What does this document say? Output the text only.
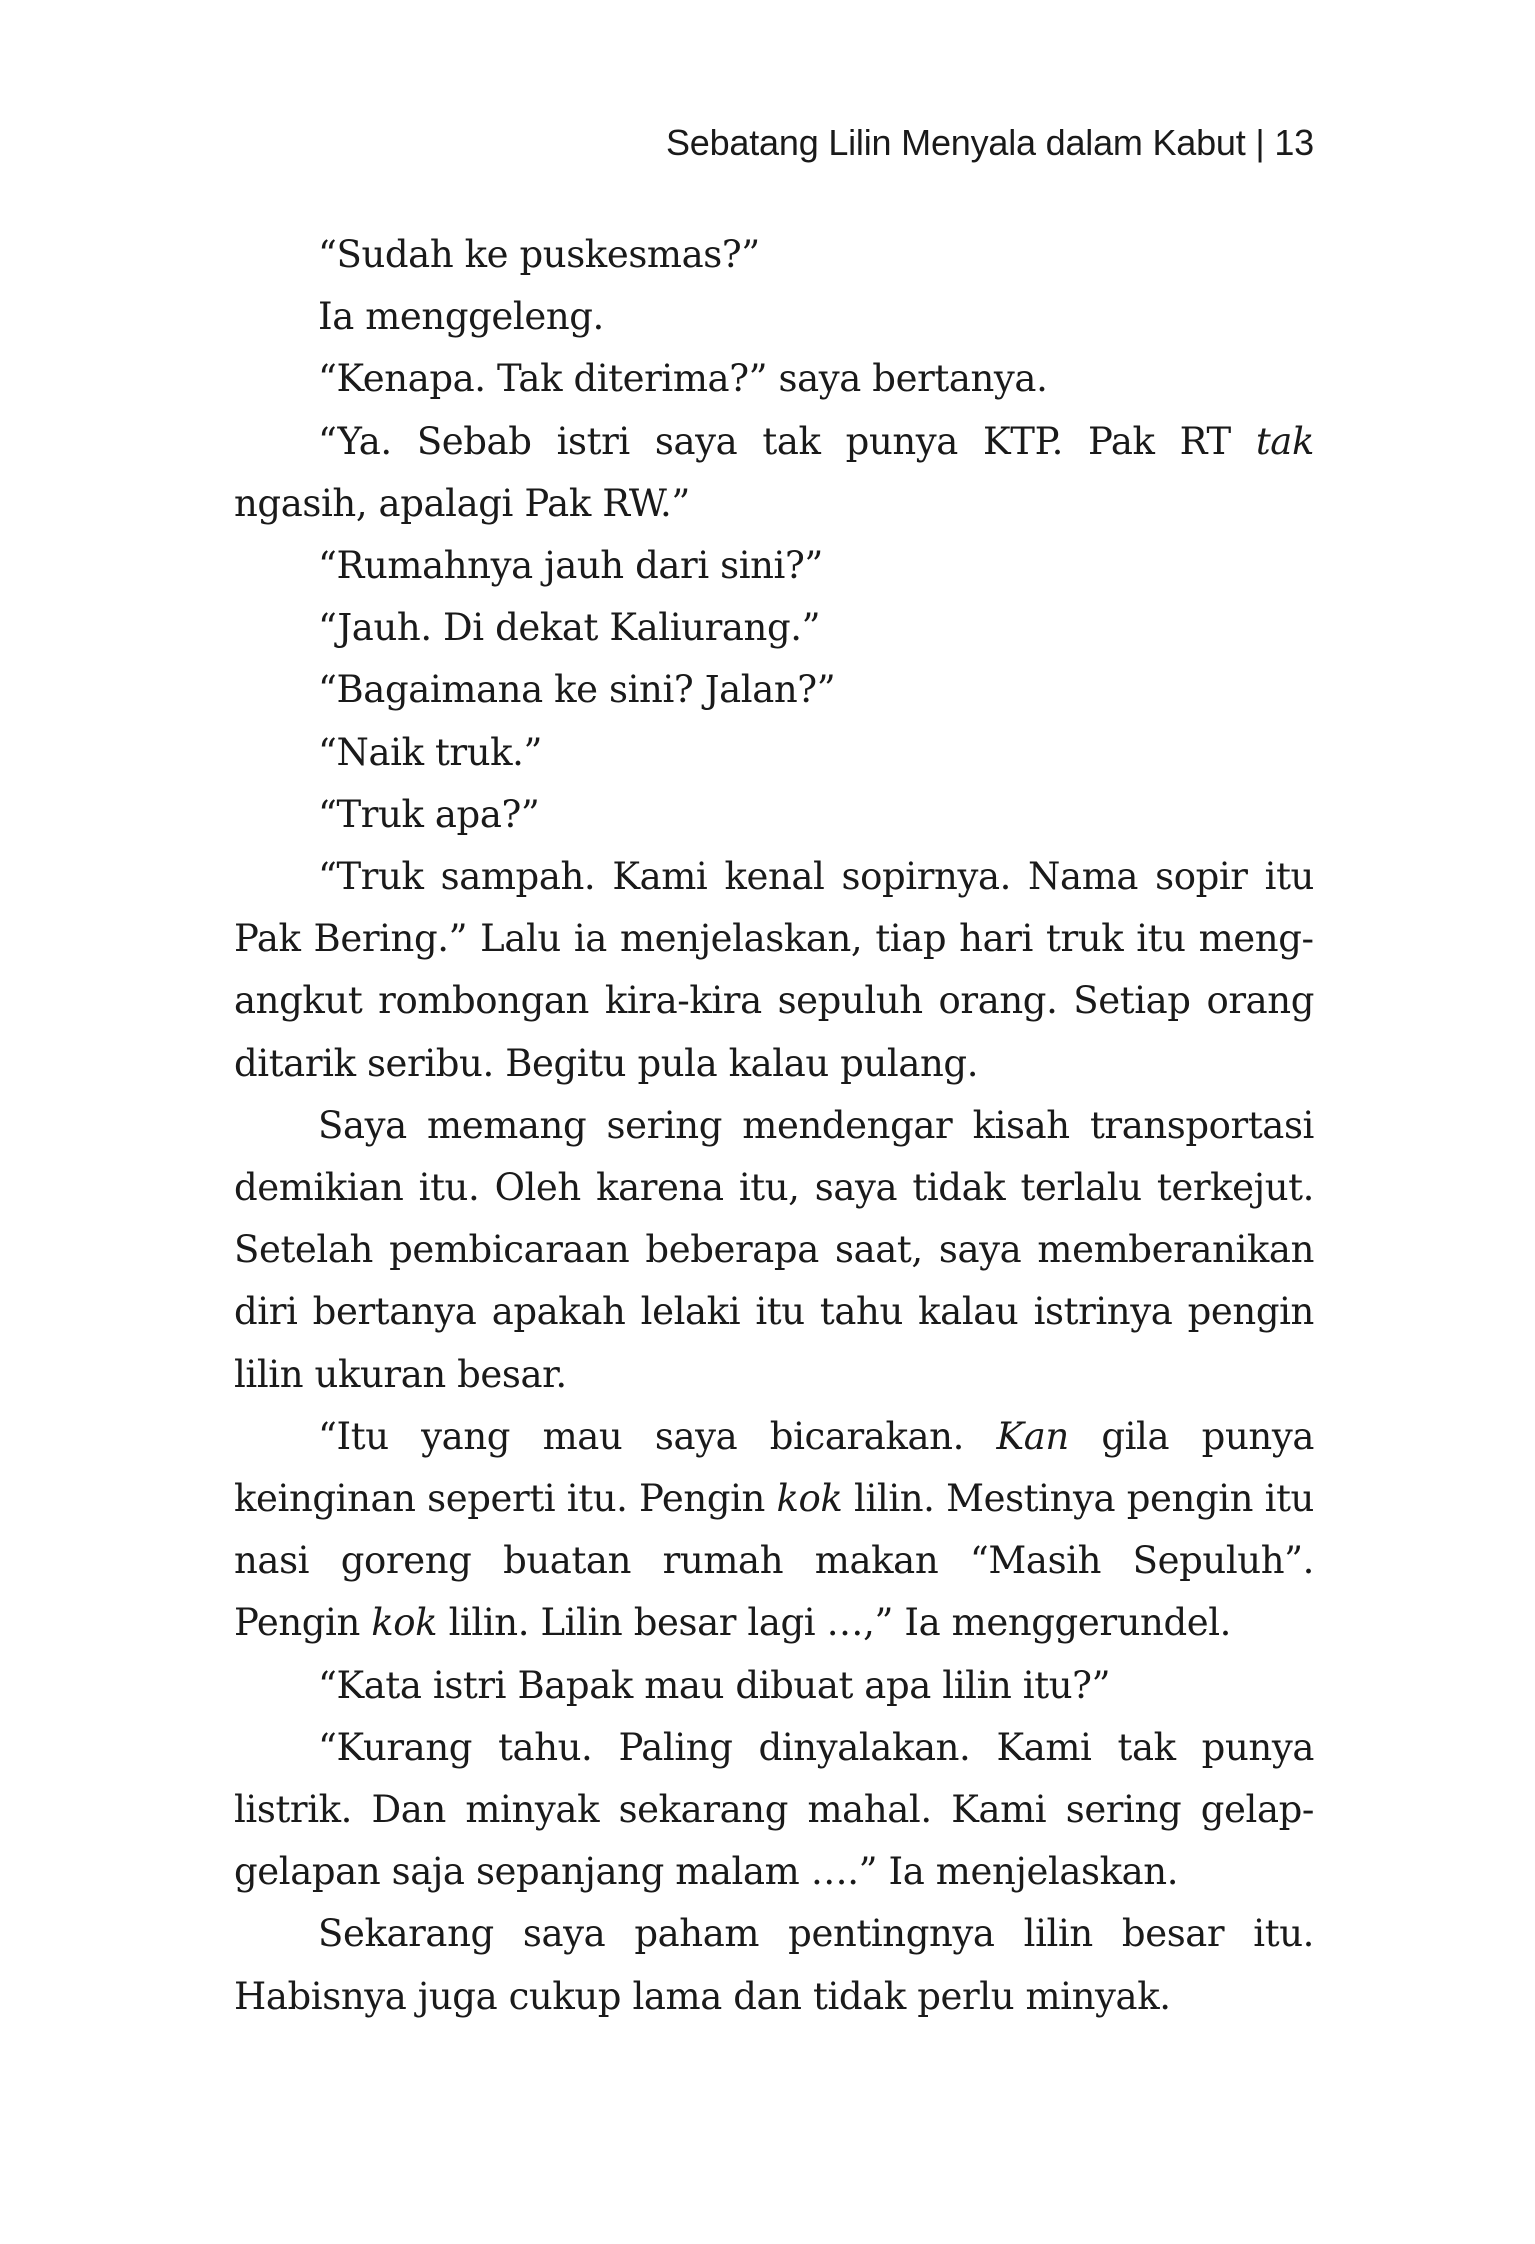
Sebatang Lilin Menyala dalam Kabut | 13

“Sudah ke puskesmas?”

Ia menggeleng.

“Kenapa. Tak diterima?” saya bertanya.

“Ya. Sebab istri saya tak punya KTP. Pak RT tak ngasih, apalagi Pak RW.”

“Rumahnya jauh dari sini?”

“Jauh. Di dekat Kaliurang.”

“Bagaimana ke sini? Jalan?”

“Naik truk.”

“Truk apa?”

“Truk sampah. Kami kenal sopirnya. Nama sopir itu Pak Bering.” Lalu ia menjelaskan, tiap hari truk itu mengangkut rombongan kira-kira sepuluh orang. Setiap orang ditarik seribu. Begitu pula kalau pulang.

Saya memang sering mendengar kisah transportasi demikian itu. Oleh karena itu, saya tidak terlalu terkejut. Setelah pembicaraan beberapa saat, saya memberanikan diri bertanya apakah lelaki itu tahu kalau istrinya pengin lilin ukuran besar.

“Itu yang mau saya bicarakan. Kan gila punya keinginan seperti itu. Pengin kok lilin. Mestinya pengin itu nasi goreng buatan rumah makan “Masih Sepuluh”. Pengin kok lilin. Lilin besar lagi …,” Ia menggerundel.

“Kata istri Bapak mau dibuat apa lilin itu?”

“Kurang tahu. Paling dinyalakan. Kami tak punya listrik. Dan minyak sekarang mahal. Kami sering gelap-gelapan saja sepanjang malam ….” Ia menjelaskan.

Sekarang saya paham pentingnya lilin besar itu. Habisnya juga cukup lama dan tidak perlu minyak.
